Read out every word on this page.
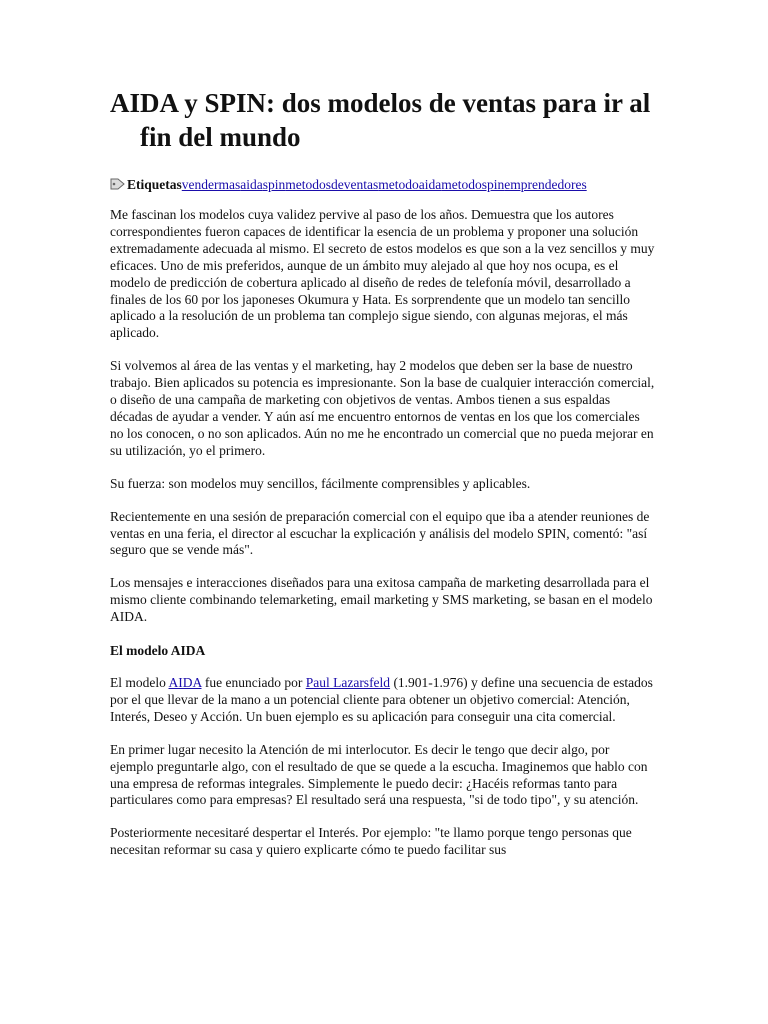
AIDA y SPIN: dos modelos de ventas para ir al fin del mundo
Etiquetasvendermasaidaspinmetodosdeventasmetodoaidametodospinemprendedores

Me fascinan los modelos cuya validez pervive al paso de los años. Demuestra que los autores correspondientes fueron capaces de identificar la esencia de un problema y proponer una solución extremadamente adecuada al mismo. El secreto de estos modelos es que son a la vez sencillos y muy eficaces. Uno de mis preferidos, aunque de un ámbito muy alejado al que hoy nos ocupa, es el modelo de predicción de cobertura aplicado al diseño de redes de telefonía móvil, desarrollado a finales de los 60 por los japoneses Okumura y Hata. Es sorprendente que un modelo tan sencillo aplicado a la resolución de un problema tan complejo sigue siendo, con algunas mejoras, el más aplicado.

Si volvemos al área de las ventas y el marketing, hay 2 modelos que deben ser la base de nuestro trabajo. Bien aplicados su potencia es impresionante. Son la base de cualquier interacción comercial, o diseño de una campaña de marketing con objetivos de ventas. Ambos tienen a sus espaldas décadas de ayudar a vender. Y aún así me encuentro entornos de ventas en los que los comerciales no los conocen, o no son aplicados. Aún no me he encontrado un comercial que no pueda mejorar en su utilización, yo el primero.

Su fuerza: son modelos muy sencillos, fácilmente comprensibles y aplicables.

Recientemente en una sesión de preparación comercial con el equipo que iba a atender reuniones de ventas en una feria, el director al escuchar la explicación y análisis del modelo SPIN, comentó: "así seguro que se vende más".

Los mensajes e interacciones diseñados para una exitosa campaña de marketing desarrollada para el mismo cliente combinando telemarketing, email marketing y SMS marketing, se basan en el modelo AIDA.

El modelo AIDA

El modelo AIDA fue enunciado por Paul Lazarsfeld (1.901-1.976) y define una secuencia de estados por el que llevar de la mano a un potencial cliente para obtener un objetivo comercial: Atención, Interés, Deseo y Acción. Un buen ejemplo es su aplicación para conseguir una cita comercial.

En primer lugar necesito la Atención de mi interlocutor. Es decir le tengo que decir algo, por ejemplo preguntarle algo, con el resultado de que se quede a la escucha. Imaginemos que hablo con una empresa de reformas integrales. Simplemente le puedo decir: ¿Hacéis reformas tanto para particulares como para empresas? El resultado será una respuesta, "si de todo tipo", y su atención.

Posteriormente necesitaré despertar el Interés. Por ejemplo: "te llamo porque tengo personas que necesitan reformar su casa y quiero explicarte cómo te puedo facilitar sus
